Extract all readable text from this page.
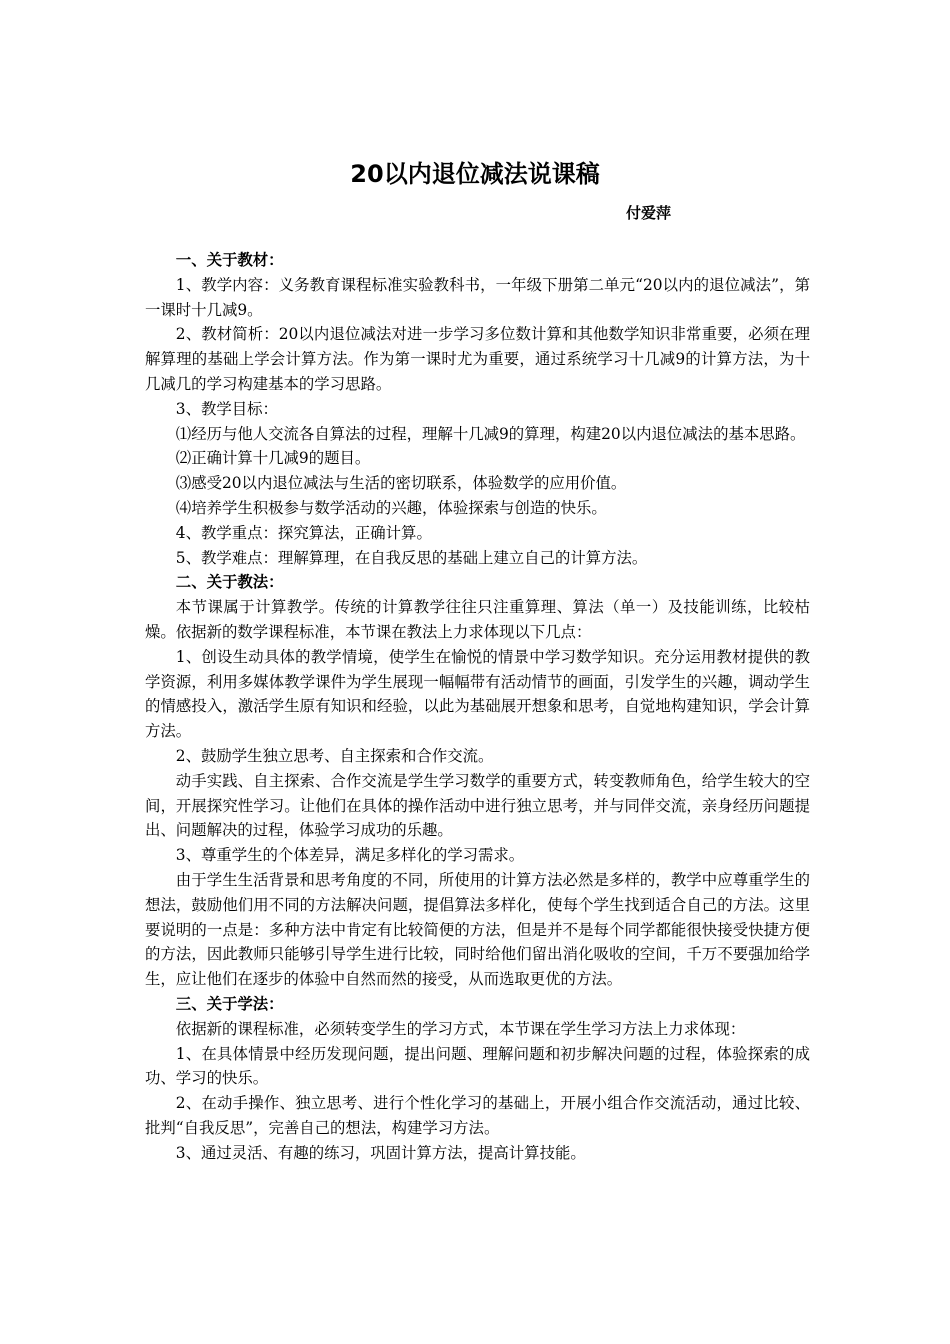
20以内退位减法说课稿
付爱萍

一、关于教材：

1、教学内容：义务教育课程标准实验教科书，一年级下册第二单元“20以内的退位减法”，第一课时十几减9。

2、教材简析：20以内退位减法对进一步学习多位数计算和其他数学知识非常重要，必须在理解算理的基础上学会计算方法。作为第一课时尤为重要，通过系统学习十几减9的计算方法，为十几减几的学习构建基本的学习思路。

3、教学目标：

⑴经历与他人交流各自算法的过程，理解十几减9的算理，构建20以内退位减法的基本思路。

⑵正确计算十几减9的题目。

⑶感受20以内退位减法与生活的密切联系，体验数学的应用价值。

⑷培养学生积极参与数学活动的兴趣，体验探索与创造的快乐。

4、教学重点：探究算法，正确计算。

5、教学难点：理解算理，在自我反思的基础上建立自己的计算方法。

二、关于教法：

本节课属于计算教学。传统的计算教学往往只注重算理、算法（单一）及技能训练，比较枯燥。依据新的数学课程标准，本节课在教法上力求体现以下几点：

1、创设生动具体的教学情境，使学生在愉悦的情景中学习数学知识。充分运用教材提供的教学资源，利用多媒体教学课件为学生展现一幅幅带有活动情节的画面，引发学生的兴趣，调动学生的情感投入，激活学生原有知识和经验，以此为基础展开想象和思考，自觉地构建知识，学会计算方法。

2、鼓励学生独立思考、自主探索和合作交流。

动手实践、自主探索、合作交流是学生学习数学的重要方式，转变教师角色，给学生较大的空间，开展探究性学习。让他们在具体的操作活动中进行独立思考，并与同伴交流，亲身经历问题提出、问题解决的过程，体验学习成功的乐趣。

3、尊重学生的个体差异，满足多样化的学习需求。

由于学生生活背景和思考角度的不同，所使用的计算方法必然是多样的，教学中应尊重学生的想法，鼓励他们用不同的方法解决问题，提倡算法多样化，使每个学生找到适合自己的方法。这里要说明的一点是：多种方法中肯定有比较简便的方法，但是并不是每个同学都能很快接受快捷方便的方法，因此教师只能够引导学生进行比较，同时给他们留出消化吸收的空间，千万不要强加给学生，应让他们在逐步的体验中自然而然的接受，从而选取更优的方法。

三、关于学法：

依据新的课程标准，必须转变学生的学习方式，本节课在学生学习方法上力求体现：

1、在具体情景中经历发现问题，提出问题、理解问题和初步解决问题的过程，体验探索的成功、学习的快乐。

2、在动手操作、独立思考、进行个性化学习的基础上，开展小组合作交流活动，通过比较、批判“自我反思”，完善自己的想法，构建学习方法。

3、通过灵活、有趣的练习，巩固计算方法，提高计算技能。
